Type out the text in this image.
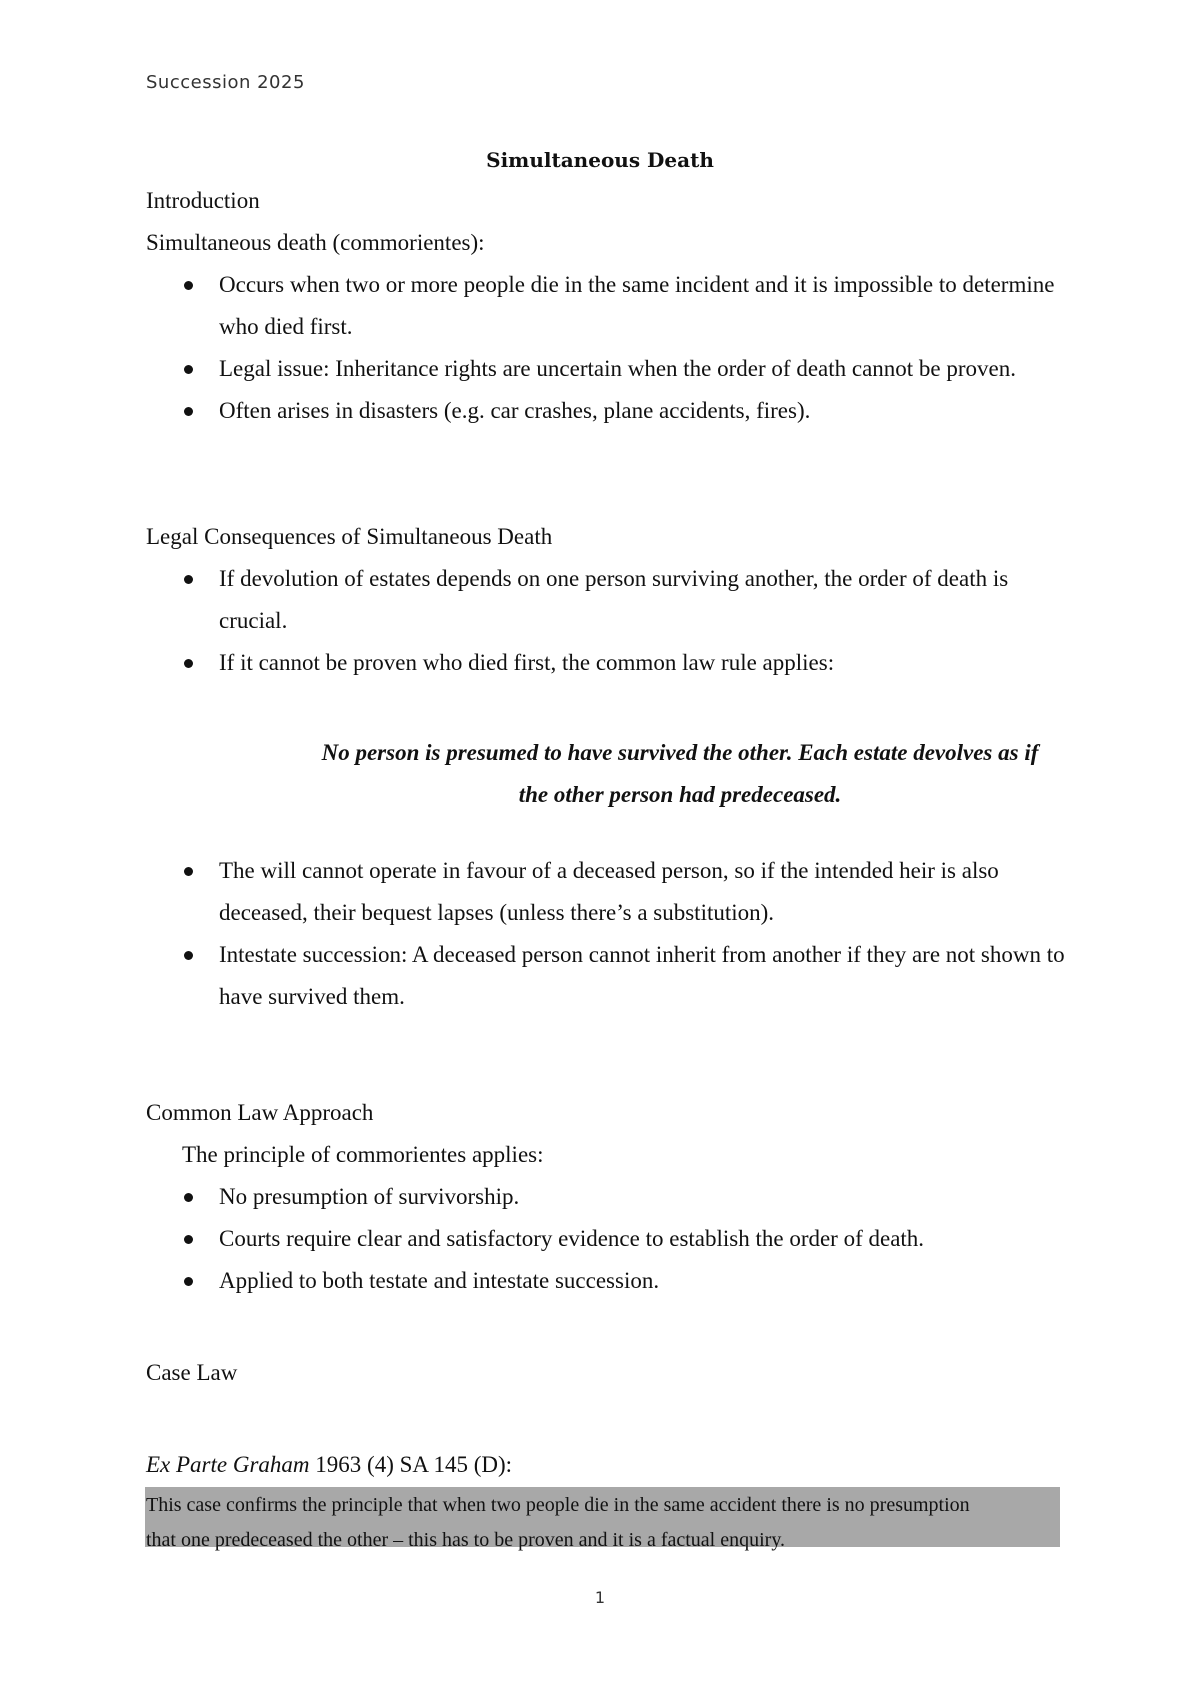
Succession 2025
Simultaneous Death
Introduction
Simultaneous death (commorientes):
Occurs when two or more people die in the same incident and it is impossible to determine who died first.
Legal issue: Inheritance rights are uncertain when the order of death cannot be proven.
Often arises in disasters (e.g. car crashes, plane accidents, fires).
Legal Consequences of Simultaneous Death
If devolution of estates depends on one person surviving another, the order of death is crucial.
If it cannot be proven who died first, the common law rule applies:
No person is presumed to have survived the other. Each estate devolves as if
the other person had predeceased.
The will cannot operate in favour of a deceased person, so if the intended heir is also deceased, their bequest lapses (unless there’s a substitution).
Intestate succession: A deceased person cannot inherit from another if they are not shown to have survived them.
Common Law Approach
The principle of commorientes applies:
No presumption of survivorship.
Courts require clear and satisfactory evidence to establish the order of death.
Applied to both testate and intestate succession.
Case Law
Ex Parte Graham 1963 (4) SA 145 (D):
This case confirms the principle that when two people die in the same accident there is no presumption
that one predeceased the other – this has to be proven and it is a factual enquiry.
1
